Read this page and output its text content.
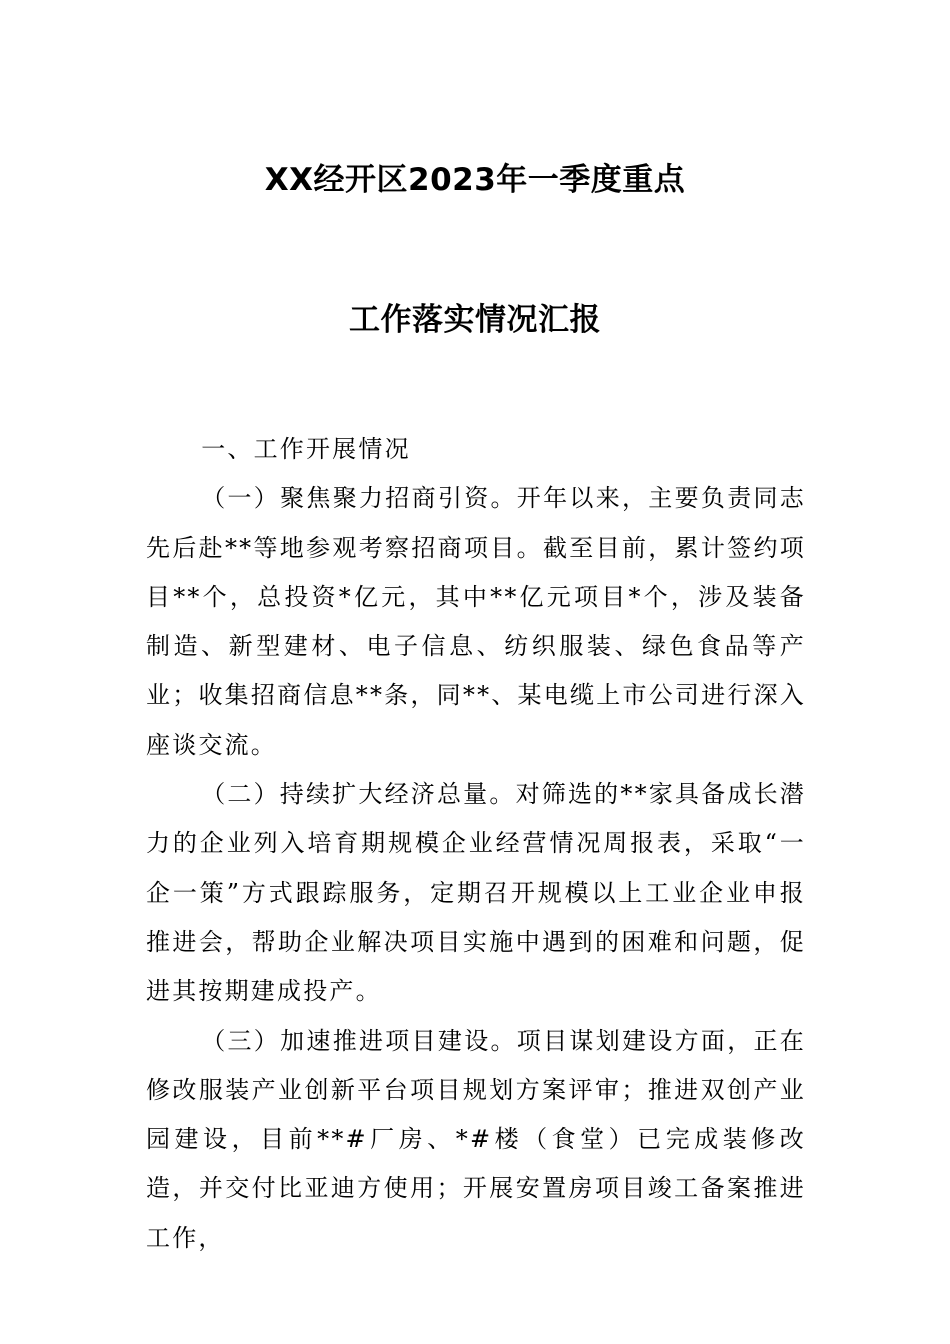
XX经开区2023年一季度重点
工作落实情况汇报

一、工作开展情况

（一）聚焦聚力招商引资。开年以来，主要负责同志先后赴**等地参观考察招商项目。截至目前，累计签约项目**个，总投资*亿元，其中**亿元项目*个，涉及装备制造、新型建材、电子信息、纺织服装、绿色食品等产业；收集招商信息**条，同**、某电缆上市公司进行深入座谈交流。

（二）持续扩大经济总量。对筛选的**家具备成长潜力的企业列入培育期规模企业经营情况周报表，采取“一企一策”方式跟踪服务，定期召开规模以上工业企业申报推进会，帮助企业解决项目实施中遇到的困难和问题，促进其按期建成投产。

（三）加速推进项目建设。项目谋划建设方面，正在修改服装产业创新平台项目规划方案评审；推进双创产业园建设，目前**#厂房、*#楼（食堂）已完成装修改造，并交付比亚迪方使用；开展安置房项目竣工备案推进工作，
